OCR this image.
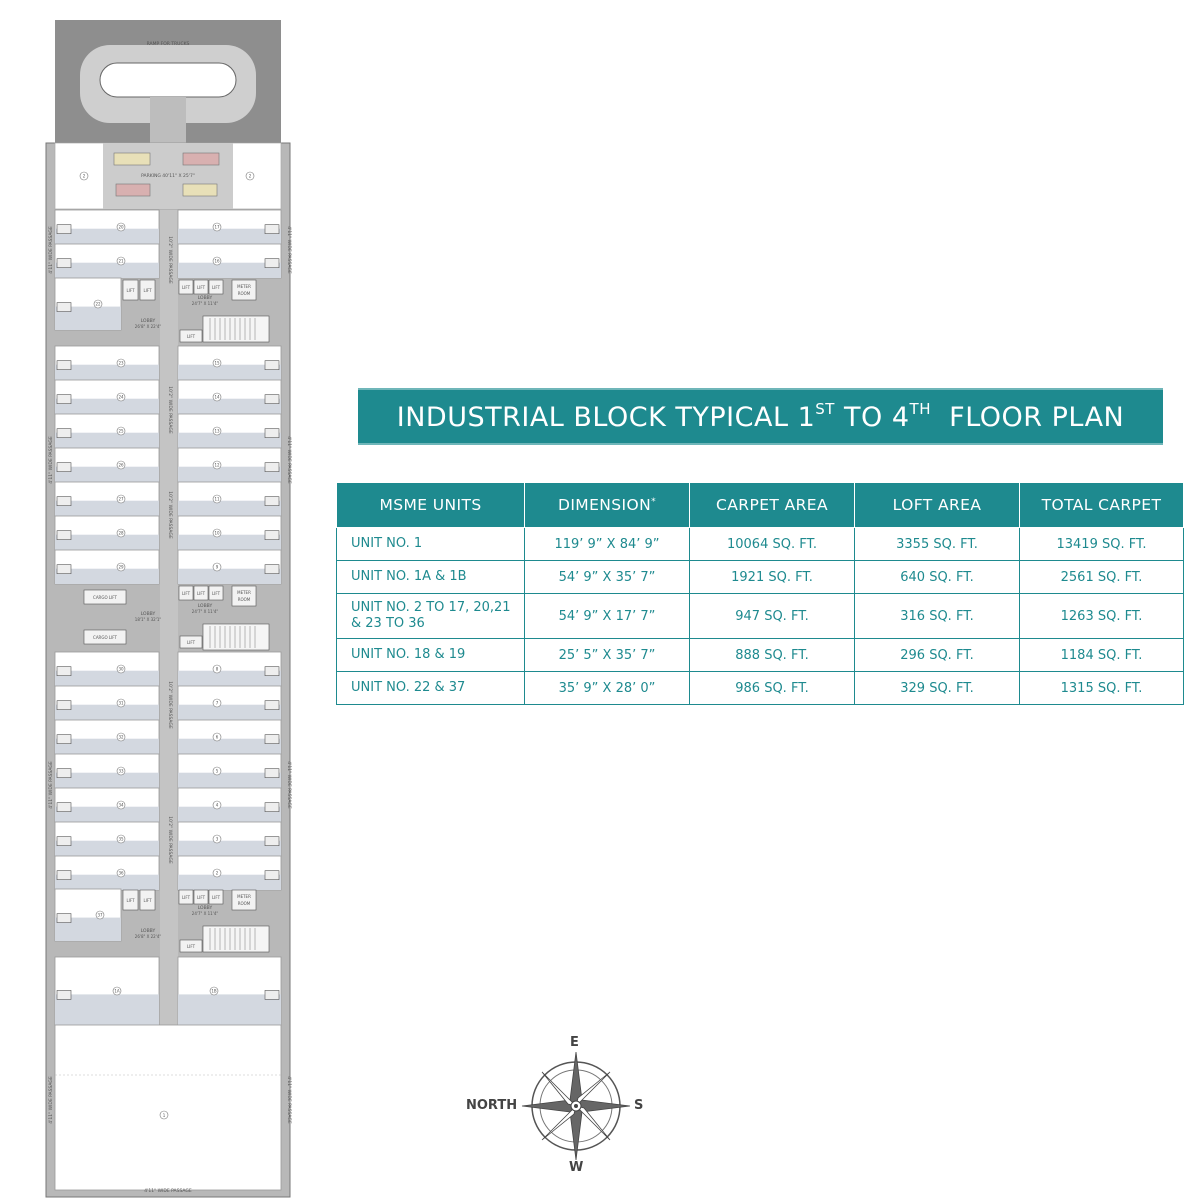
RAMP FOR TRUCKS
PARKING 40'11" X 25'7"
2	2
20
21
23
24
25
26
27
28
29
30
31
32
33
34
35
36
17
16
15
14
13
12
11
10
9
8
7
6
5
4
3
2
22
37
1A	1B
LIFT LIFT
LOBBY
26'8" X 22'4"
LIFT LIFT LIFT	METER
ROOM
LOBBY
24'7" X 11'4"
LIFT
LIFT LIFT
LOBBY
26'8" X 22'4"
LIFT LIFT LIFT	METER
ROOM
LOBBY
24'7" X 11'4"
LIFT
CARGO LIFT
CARGO LIFT
LOBBY
18'1" X 32'1"
LIFT LIFT LIFT	METER
ROOM
LOBBY
24'7" X 11'4"
LIFT
1
4'11" WIDE PASSAGE
4'11" WIDE PASSAGE	4'11" WIDE PASSAGE
4'11" WIDE PASSAGE	4'11" WIDE PASSAGE
4'11" WIDE PASSAGE	4'11" WIDE PASSAGE
4'11" WIDE PASSAGE	4'11" WIDE PASSAGE
10'2" WIDE PASSAGE
10'2" WIDE PASSAGE
10'2" WIDE PASSAGE
10'2" WIDE PASSAGE
10'2" WIDE PASSAGE
INDUSTRIAL BLOCK TYPICAL 1ST TO 4TH  FLOOR PLAN
MSME UNITS	DIMENSION*	CARPET AREA	LOFT AREA	TOTAL CARPET
UNIT NO. 1	119’ 9” X 84’ 9”	10064 SQ. FT.	3355 SQ. FT.	13419 SQ. FT.
UNIT NO. 1A & 1B	54’ 9” X 35’ 7”	1921 SQ. FT.	640 SQ. FT.	2561 SQ. FT.
UNIT NO. 2 TO 17, 20,21 & 23 TO 36	54’ 9” X 17’ 7”	947 SQ. FT.	316 SQ. FT.	1263 SQ. FT.
UNIT NO. 18 & 19	25’ 5” X 35’ 7”	888 SQ. FT.	296 SQ. FT.	1184 SQ. FT.
UNIT NO. 22 & 37	35’ 9” X 28’ 0”	986 SQ. FT.	329 SQ. FT.	1315 SQ. FT.
E
NORTH	S
W
